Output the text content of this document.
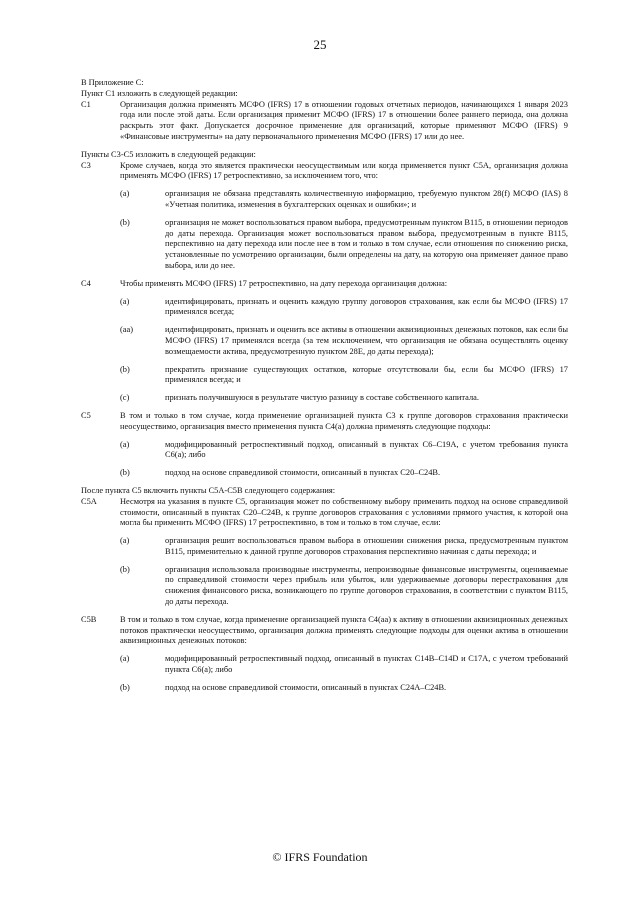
25

В Приложение С:

Пункт С1 изложить в следующей редакции:

C1	Организация должна применять МСФО (IFRS) 17 в отношении годовых отчетных периодов, начинающихся 1 января 2023 года или после этой даты. Если организация применит МСФО (IFRS) 17 в отношении более раннего периода, она должна раскрыть этот факт. Допускается досрочное применение для организаций, которые применяют МСФО (IFRS) 9 «Финансовые инструменты» на дату первоначального применения МСФО (IFRS) 17 или до нее.

Пункты С3-С5 изложить в следующей редакции:

C3	Кроме случаев, когда это является практически неосуществимым или когда применяется пункт С5А, организация должна применять МСФО (IFRS) 17 ретроспективно, за исключением того, что:

(a)	организация не обязана представлять количественную информацию, требуемую пунктом 28(f) МСФО (IAS) 8 «Учетная политика, изменения в бухгалтерских оценках и ошибки»; и
(b)	организация не может воспользоваться правом выбора, предусмотренным пунктом В115, в отношении периодов до даты перехода. Организация может воспользоваться правом выбора, предусмотренным в пункте В115, перспективно на дату перехода или после нее в том и только в том случае, если отношения по снижению риска, установленные по усмотрению организации, были определены на дату, на которую она применяет данное право выбора, или до нее.
C4	Чтобы применять МСФО (IFRS) 17 ретроспективно, на дату перехода организация должна:

(a)	идентифицировать, признать и оценить каждую группу договоров страхования, как если бы МСФО (IFRS) 17 применялся всегда;
(aa)	идентифицировать, признать и оценить все активы в отношении аквизиционных денежных потоков, как если бы МСФО (IFRS) 17 применялся всегда (за тем исключением, что организация не обязана осуществлять оценку возмещаемости актива, предусмотренную пунктом 28Е, до даты перехода);
(b)	прекратить признание существующих остатков, которые отсутствовали бы, если бы МСФО (IFRS) 17 применялся всегда; и
(c)	признать получившуюся в результате чистую разницу в составе собственного капитала.
C5	В том и только в том случае, когда применение организацией пункта С3 к группе договоров страхования практически неосуществимо, организация вместо применения пункта С4(а) должна применять следующие подходы:

(a)	модифицированный ретроспективный подход, описанный в пунктах С6–С19А, с учетом требования пункта С6(а); либо
(b)	подход на основе справедливой стоимости, описанный в пунктах С20–С24В.

После пункта С5 включить пункты С5А-С5В следующего содержания:

C5A	Несмотря на указания в пункте С5, организация может по собственному выбору применить подход на основе справедливой стоимости, описанный в пунктах С20–С24В, к группе договоров страхования с условиями прямого участия, к которой она могла бы применить МСФО (IFRS) 17 ретроспективно, в том и только в том случае, если:

(a)	организация решит воспользоваться правом выбора в отношении снижения риска, предусмотренным пунктом В115, применительно к данной группе договоров страхования перспективно начиная с даты перехода; и
(b)	организация использовала производные инструменты, непроизводные финансовые инструменты, оцениваемые по справедливой стоимости через прибыль или убыток, или удерживаемые договоры перестрахования для снижения финансового риска, возникающего по группе договоров страхования, в соответствии с пунктом В115, до даты перехода.
C5B	В том и только в том случае, когда применение организацией пункта С4(аа) к активу в отношении аквизиционных денежных потоков практически неосуществимо, организация должна применять следующие подходы для оценки актива в отношении аквизиционных денежных потоков:

(a)	модифицированный ретроспективный подход, описанный в пунктах С14В–С14D и С17А, с учетом требований пункта С6(а); либо
(b)	подход на основе справедливой стоимости, описанный в пунктах С24А–С24В.
© IFRS Foundation
